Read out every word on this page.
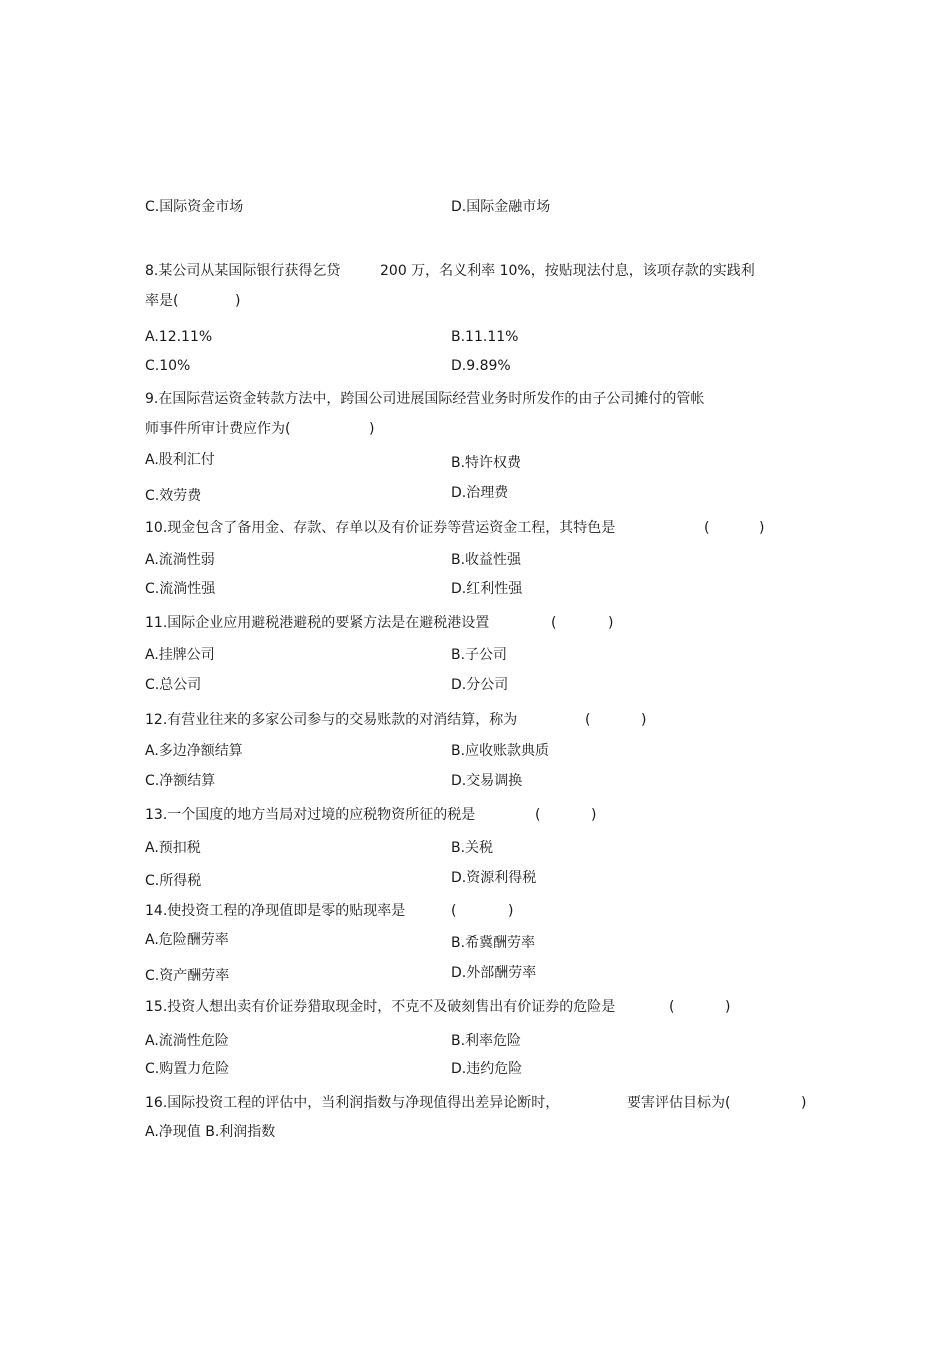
C.国际资金市场	D.国际金融市场
8.某公司从某国际银行获得乞贷	200 万，名义利率 10%，按贴现法付息，该项存款的实践利
率是(	)
A.12.11%	B.11.11%
C.10%	D.9.89%
9.在国际营运资金转款方法中，跨国公司进展国际经营业务时所发作的由子公司摊付的管帐
师事件所审计费应作为(	)
A.股利汇付	B.特许权费
C.效劳费	D.治理费
10.现金包含了备用金、存款、存单以及有价证券等营运资金工程，其特色是	(	)
A.流淌性弱	B.收益性强
C.流淌性强	D.红利性强
11.国际企业应用避税港避税的要紧方法是在避税港设置	(	)
A.挂牌公司	B.子公司
C.总公司	D.分公司
12.有营业往来的多家公司参与的交易账款的对消结算，称为	(	)
A.多边净额结算	B.应收账款典质
C.净额结算	D.交易调换
13.一个国度的地方当局对过境的应税物资所征的税是	(	)
A.预扣税	B.关税
C.所得税	D.资源利得税
14.使投资工程的净现值即是零的贴现率是	(	)
A.危险酬劳率	B.希冀酬劳率
C.资产酬劳率	D.外部酬劳率
15.投资人想出卖有价证券猎取现金时，不克不及破刻售出有价证券的危险是	(	)
A.流淌性危险	B.利率危险
C.购置力危险	D.违约危险
16.国际投资工程的评估中，当利润指数与净现值得出差异论断时，	要害评估目标为(	)
A.净现值 B.利润指数
